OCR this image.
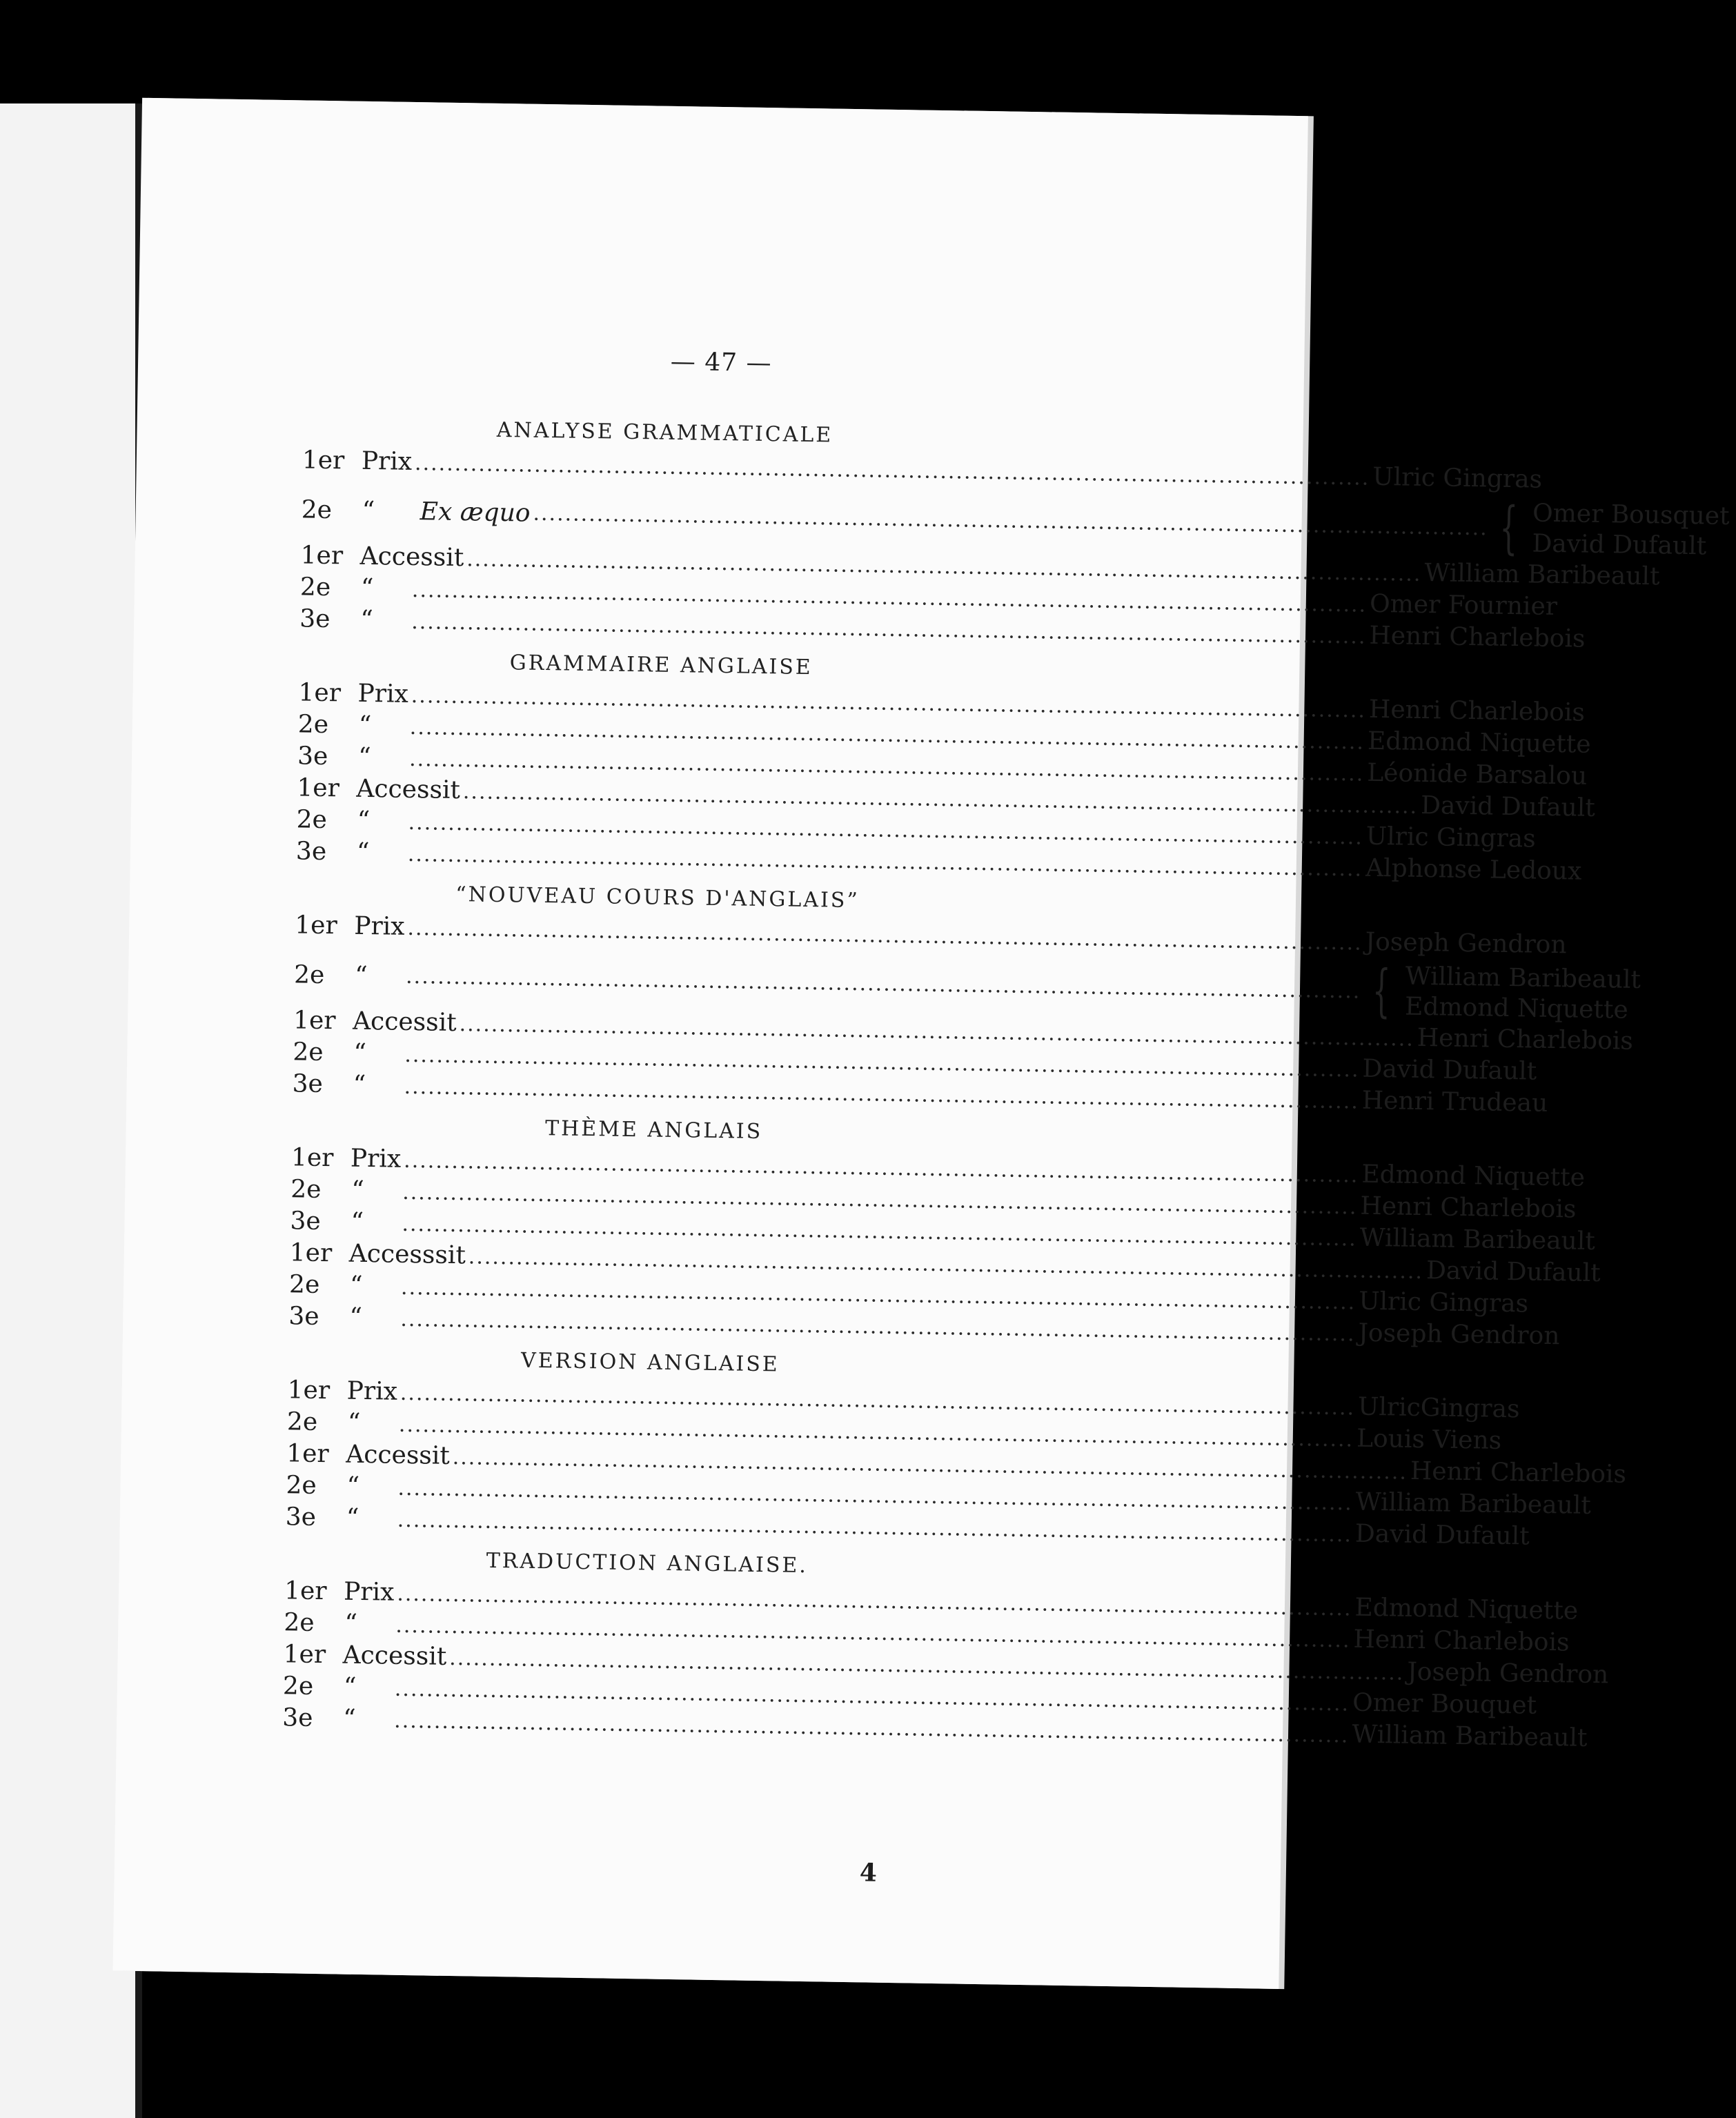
— 47 —
ANALYSE GRAMMATICALE
1er Prix ........................................................................................................................ Ulric Gingras
2e	“	Ex æquo ........................................................................................................................ { Omer Bousquet
David Dufault
1er Accessit ........................................................................................................................ William Baribeault
2e	“	........................................................................................................................ Omer Fournier
3e	“	........................................................................................................................ Henri Charlebois
GRAMMAIRE ANGLAISE
1er Prix ........................................................................................................................ Henri Charlebois
2e	“	........................................................................................................................ Edmond Niquette
3e	“	........................................................................................................................ Léonide Barsalou
1er Accessit ........................................................................................................................ David Dufault
2e	“	........................................................................................................................ Ulric Gingras
3e	“	........................................................................................................................ Alphonse Ledoux
“NOUVEAU COURS D'ANGLAIS”
1er Prix ........................................................................................................................ Joseph Gendron
2e	“	........................................................................................................................ { William Baribeault
Edmond Niquette
1er Accessit ........................................................................................................................ Henri Charlebois
2e	“	........................................................................................................................ David Dufault
3e	“	........................................................................................................................ Henri Trudeau
THÈME ANGLAIS
1er Prix ........................................................................................................................ Edmond Niquette
2e	“	........................................................................................................................ Henri Charlebois
3e	“	........................................................................................................................ William Baribeault
1er Accesssit ........................................................................................................................ David Dufault
2e	“	........................................................................................................................ Ulric Gingras
3e	“	........................................................................................................................ Joseph Gendron
VERSION ANGLAISE
1er Prix ........................................................................................................................ UlricGingras
2e	“	........................................................................................................................ Louis Viens
1er Accessit ........................................................................................................................ Henri Charlebois
2e	“	........................................................................................................................ William Baribeault
3e	“	........................................................................................................................ David Dufault
TRADUCTION ANGLAISE.
1er Prix ........................................................................................................................ Edmond Niquette
2e	“	........................................................................................................................ Henri Charlebois
1er Accessit ........................................................................................................................ Joseph Gendron
2e	“	........................................................................................................................ Omer Bouquet
3e	“	........................................................................................................................ William Baribeault
4
